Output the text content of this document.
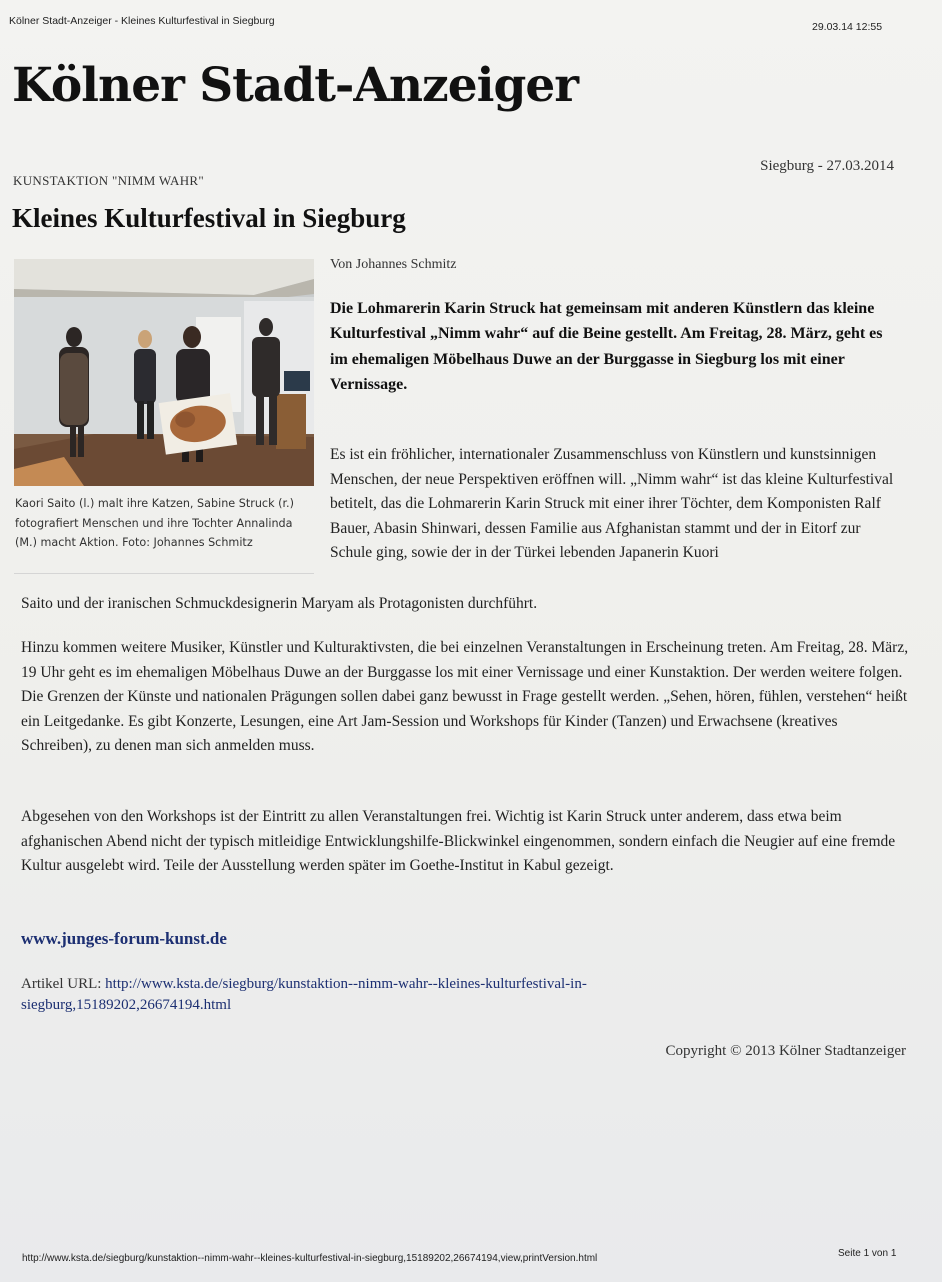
Kölner Stadt-Anzeiger - Kleines Kulturfestival in Siegburg	29.03.14 12:55
Kölner Stadt-Anzeiger
KUNSTAKTION "NIMM WAHR"
Siegburg - 27.03.2014
Kleines Kulturfestival in Siegburg
Kaori Saito (l.) malt ihre Katzen, Sabine Struck (r.) fotografiert Menschen und ihre Tochter Annalinda (M.) macht Aktion. Foto: Johannes Schmitz
Von Johannes Schmitz
Die Lohmarerin Karin Struck hat gemeinsam mit anderen Künstlern das kleine Kulturfestival „Nimm wahr“ auf die Beine gestellt. Am Freitag, 28. März, geht es im ehemaligen Möbelhaus Duwe an der Burggasse in Siegburg los mit einer Vernissage.
Es ist ein fröhlicher, internationaler Zusammenschluss von Künstlern und kunstsinnigen Menschen, der neue Perspektiven eröffnen will. „Nimm wahr“ ist das kleine Kulturfestival betitelt, das die Lohmarerin Karin Struck mit einer ihrer Töchter, dem Komponisten Ralf Bauer, Abasin Shinwari, dessen Familie aus Afghanistan stammt und der in Eitorf zur Schule ging, sowie der in der Türkei lebenden Japanerin Kuori
Saito und der iranischen Schmuckdesignerin Maryam als Protagonisten durchführt.
Hinzu kommen weitere Musiker, Künstler und Kulturaktivsten, die bei einzelnen Veranstaltungen in Erscheinung treten. Am Freitag, 28. März, 19 Uhr geht es im ehemaligen Möbelhaus Duwe an der Burggasse los mit einer Vernissage und einer Kunstaktion. Der werden weitere folgen. Die Grenzen der Künste und nationalen Prägungen sollen dabei ganz bewusst in Frage gestellt werden. „Sehen, hören, fühlen, verstehen“ heißt ein Leitgedanke. Es gibt Konzerte, Lesungen, eine Art Jam-Session und Workshops für Kinder (Tanzen) und Erwachsene (kreatives Schreiben), zu denen man sich anmelden muss.
Abgesehen von den Workshops ist der Eintritt zu allen Veranstaltungen frei. Wichtig ist Karin Struck unter anderem, dass etwa beim afghanischen Abend nicht der typisch mitleidige Entwicklungshilfe-Blickwinkel eingenommen, sondern einfach die Neugier auf eine fremde Kultur ausgelebt wird. Teile der Ausstellung werden später im Goethe-Institut in Kabul gezeigt.
www.junges-forum-kunst.de
Artikel URL: http://www.ksta.de/siegburg/kunstaktion--nimm-wahr--kleines-kulturfestival-in-siegburg,15189202,26674194.html
Copyright © 2013 Kölner Stadtanzeiger
http://www.ksta.de/siegburg/kunstaktion--nimm-wahr--kleines-kulturfestival-in-siegburg,15189202,26674194,view,printVersion.html	Seite 1 von 1
